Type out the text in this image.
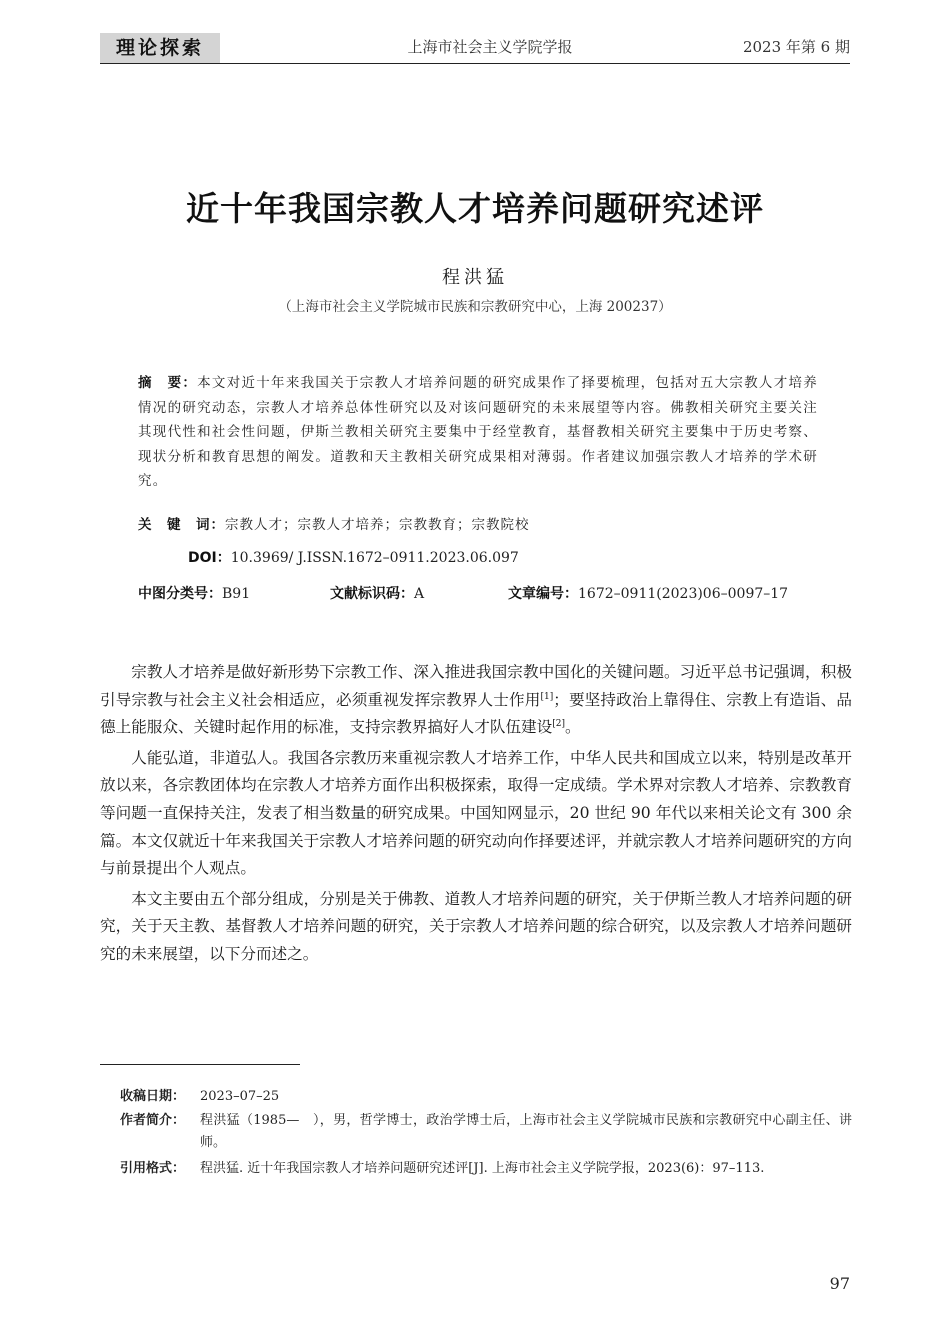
理论探索	上海市社会主义学院学报	2023 年第 6 期
近十年我国宗教人才培养问题研究述评
程洪猛
（上海市社会主义学院城市民族和宗教研究中心，上海 200237）
摘　要：本文对近十年来我国关于宗教人才培养问题的研究成果作了择要梳理，包括对五大宗教人才培养情况的研究动态，宗教人才培养总体性研究以及对该问题研究的未来展望等内容。佛教相关研究主要关注其现代性和社会性问题，伊斯兰教相关研究主要集中于经堂教育，基督教相关研究主要集中于历史考察、现状分析和教育思想的阐发。道教和天主教相关研究成果相对薄弱。作者建议加强宗教人才培养的学术研究。
关　键　词：宗教人才；宗教人才培养；宗教教育；宗教院校
DOI：10.3969/ J.ISSN.1672–0911.2023.06.097
中图分类号：B91	文献标识码：A	文章编号：1672–0911(2023)06–0097–17

宗教人才培养是做好新形势下宗教工作、深入推进我国宗教中国化的关键问题。习近平总书记强调，积极引导宗教与社会主义社会相适应，必须重视发挥宗教界人士作用[1]；要坚持政治上靠得住、宗教上有造诣、品德上能服众、关键时起作用的标准，支持宗教界搞好人才队伍建设[2]。

人能弘道，非道弘人。我国各宗教历来重视宗教人才培养工作，中华人民共和国成立以来，特别是改革开放以来，各宗教团体均在宗教人才培养方面作出积极探索，取得一定成绩。学术界对宗教人才培养、宗教教育等问题一直保持关注，发表了相当数量的研究成果。中国知网显示，20 世纪 90 年代以来相关论文有 300 余篇。本文仅就近十年来我国关于宗教人才培养问题的研究动向作择要述评，并就宗教人才培养问题研究的方向与前景提出个人观点。

本文主要由五个部分组成，分别是关于佛教、道教人才培养问题的研究，关于伊斯兰教人才培养问题的研究，关于天主教、基督教人才培养问题的研究，关于宗教人才培养问题的综合研究，以及宗教人才培养问题研究的未来展望，以下分而述之。

收稿日期： 2023–07–25
作者简介： 程洪猛（1985—　），男，哲学博士，政治学博士后，上海市社会主义学院城市民族和宗教研究中心副主任、讲师。
引用格式： 程洪猛. 近十年我国宗教人才培养问题研究述评[J]. 上海市社会主义学院学报，2023(6)：97–113.
97
